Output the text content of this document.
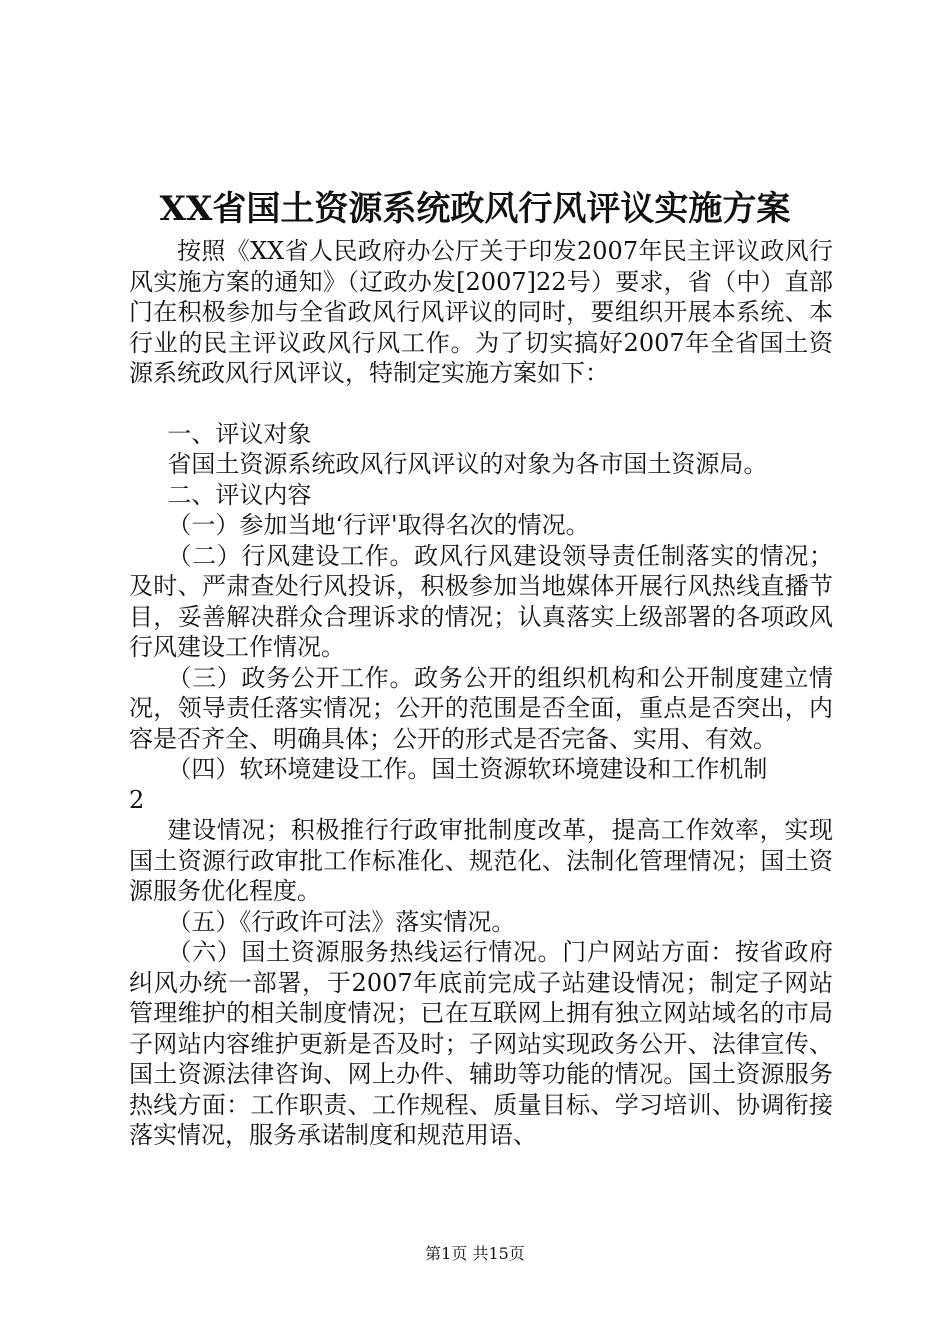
XX省国土资源系统政风行风评议实施方案

按照《XX省人民政府办公厅关于印发2007年民主评议政风行风实施方案的通知》（辽政办发[2007]22号）要求，省（中）直部门在积极参加与全省政风行风评议的同时，要组织开展本系统、本行业的民主评议政风行风工作。为了切实搞好2007年全省国土资源系统政风行风评议，特制定实施方案如下：

一、评议对象

省国土资源系统政风行风评议的对象为各市国土资源局。

二、评议内容

（一）参加当地‘行评'取得名次的情况。

（二）行风建设工作。政风行风建设领导责任制落实的情况；及时、严肃查处行风投诉，积极参加当地媒体开展行风热线直播节目，妥善解决群众合理诉求的情况；认真落实上级部署的各项政风行风建设工作情况。

（三）政务公开工作。政务公开的组织机构和公开制度建立情况，领导责任落实情况；公开的范围是否全面，重点是否突出，内容是否齐全、明确具体；公开的形式是否完备、实用、有效。

（四）软环境建设工作。国土资源软环境建设和工作机制

2

建设情况；积极推行行政审批制度改革，提高工作效率，实现国土资源行政审批工作标准化、规范化、法制化管理情况；国土资源服务优化程度。

（五）《行政许可法》落实情况。

（六）国土资源服务热线运行情况。门户网站方面：按省政府纠风办统一部署，于2007年底前完成子站建设情况；制定子网站管理维护的相关制度情况；已在互联网上拥有独立网站域名的市局子网站内容维护更新是否及时；子网站实现政务公开、法律宣传、国土资源法律咨询、网上办件、辅助等功能的情况。国土资源服务热线方面：工作职责、工作规程、质量目标、学习培训、协调衔接落实情况，服务承诺制度和规范用语、

第1页 共15页
